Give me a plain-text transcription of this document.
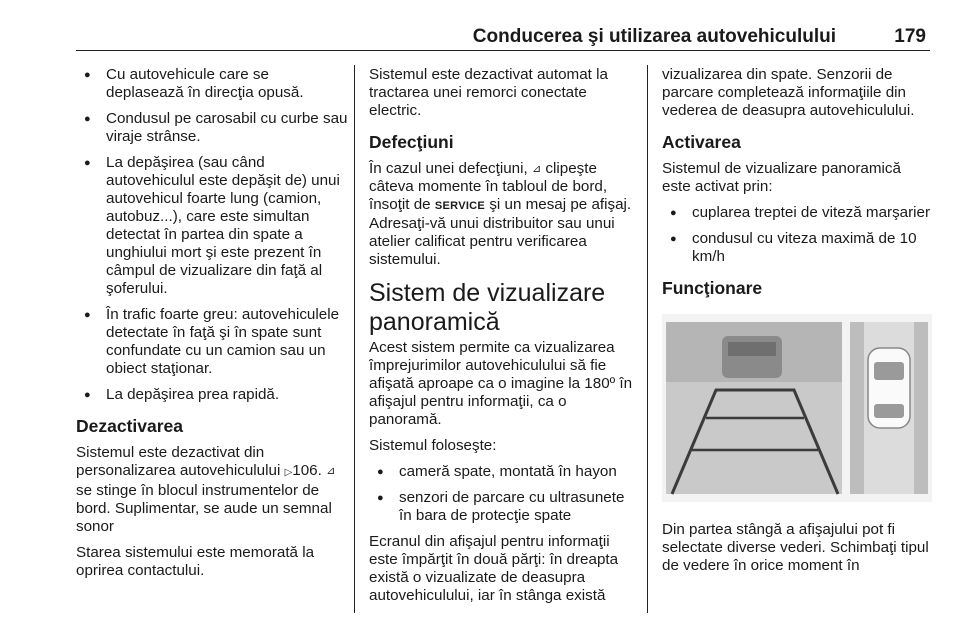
Conducerea şi utilizarea autovehiculului	179
● Cu autovehicule care se deplasează în direcţia opusă.
● Condusul pe carosabil cu curbe sau viraje strânse.
● La depăşirea (sau când autovehiculul este depăşit de) unui autovehicul foarte lung (camion, autobuz...), care este simultan detectat în partea din spate a unghiului mort şi este prezent în câmpul de vizualizare din faţă al şoferului.
● În trafic foarte greu: autovehiculele detectate în faţă şi în spate sunt confundate cu un camion sau un obiect staţionar.
● La depăşirea prea rapidă.
Dezactivarea

Sistemul este dezactivat din personalizarea autovehiculului ▷106. ⊿ se stinge în blocul instrumentelor de bord. Suplimentar, se aude un semnal sonor

Starea sistemului este memorată la oprirea contactului.

Sistemul este dezactivat automat la tractarea unei remorci conectate electric.

Defecţiuni

În cazul unei defecţiuni, ⊿ clipeşte câteva momente în tabloul de bord, însoţit de SERVICE şi un mesaj pe afişaj. Adresaţi-vă unui distribuitor sau unui atelier calificat pentru verificarea sistemului.

Sistem de vizualizare panoramică

Acest sistem permite ca vizualizarea împrejurimilor autovehiculului să fie afişată aproape ca o imagine la 180º în afişajul pentru informaţii, ca o panoramă.

Sistemul foloseşte:

● cameră spate, montată în hayon
● senzori de parcare cu ultrasunete în bara de protecţie spate

Ecranul din afişajul pentru informaţii este împărţit în două părţi: în dreapta există o vizualizate de deasupra autovehiculului, iar în stânga există

vizualizarea din spate. Senzorii de parcare completează informaţiile din vederea de deasupra autovehiculului.

Activarea

Sistemul de vizualizare panoramică este activat prin:

● cuplarea treptei de viteză marşarier
● condusul cu viteza maximă de 10 km/h
Funcţionare

Din partea stângă a afişajului pot fi selectate diverse vederi. Schimbaţi tipul de vedere în orice moment în
